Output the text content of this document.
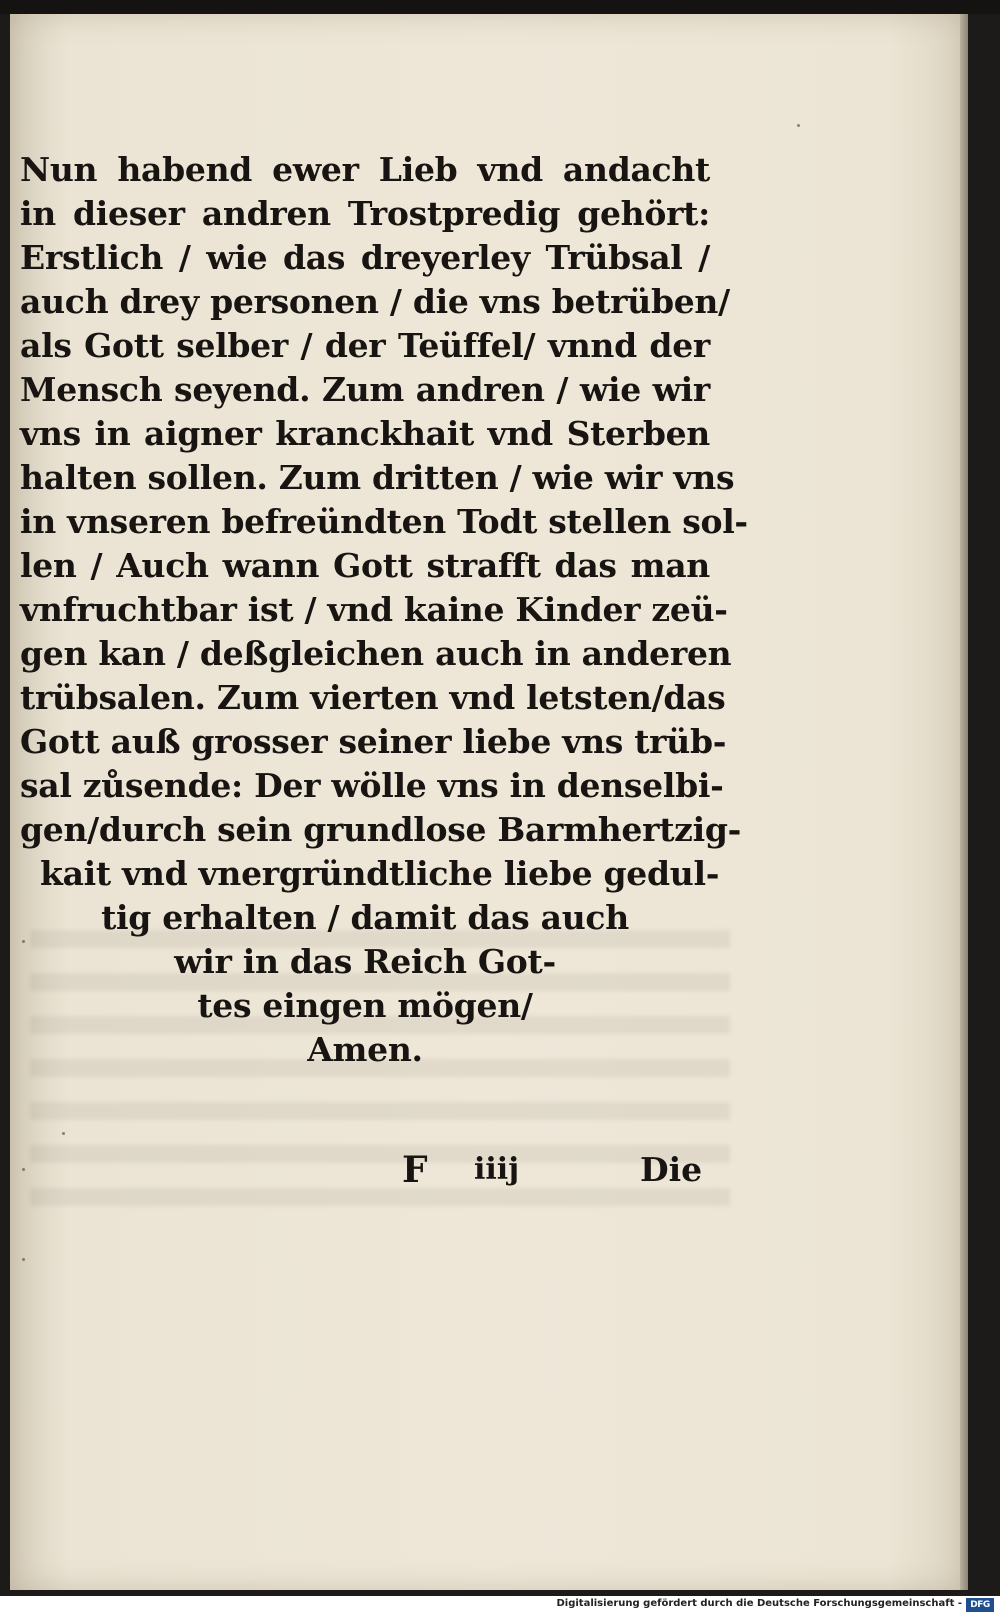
Nun habend ewer Lieb vnd andacht
in dieser andren Trostpredig gehört:
Erstlich / wie das dreyerley Trübsal /
auch drey personen / die vns betrüben/
als Gott selber / der Teüffel/ vnnd der
Mensch seyend. Zum andren / wie wir
vns in aigner kranckhait vnd Sterben
halten sollen. Zum dritten / wie wir vns
in vnseren befreündten Todt stellen sol-
len / Auch wann Gott strafft das man
vnfruchtbar ist / vnd kaine Kinder zeü-
gen kan / deßgleichen auch in anderen
trübsalen. Zum vierten vnd letsten/das
Gott auß grosser seiner liebe vns trüb-
sal zůsende: Der wölle vns in denselbi-
gen/durch sein grundlose Barmhertzig-
kait vnd vnergründtliche liebe gedul-
tig erhalten / damit das auch
wir in das Reich Got-
tes eingen mögen/
Amen.
F iiij	Die
Digitalisierung gefördert durch die Deutsche Forschungsgemeinschaft - DFG
